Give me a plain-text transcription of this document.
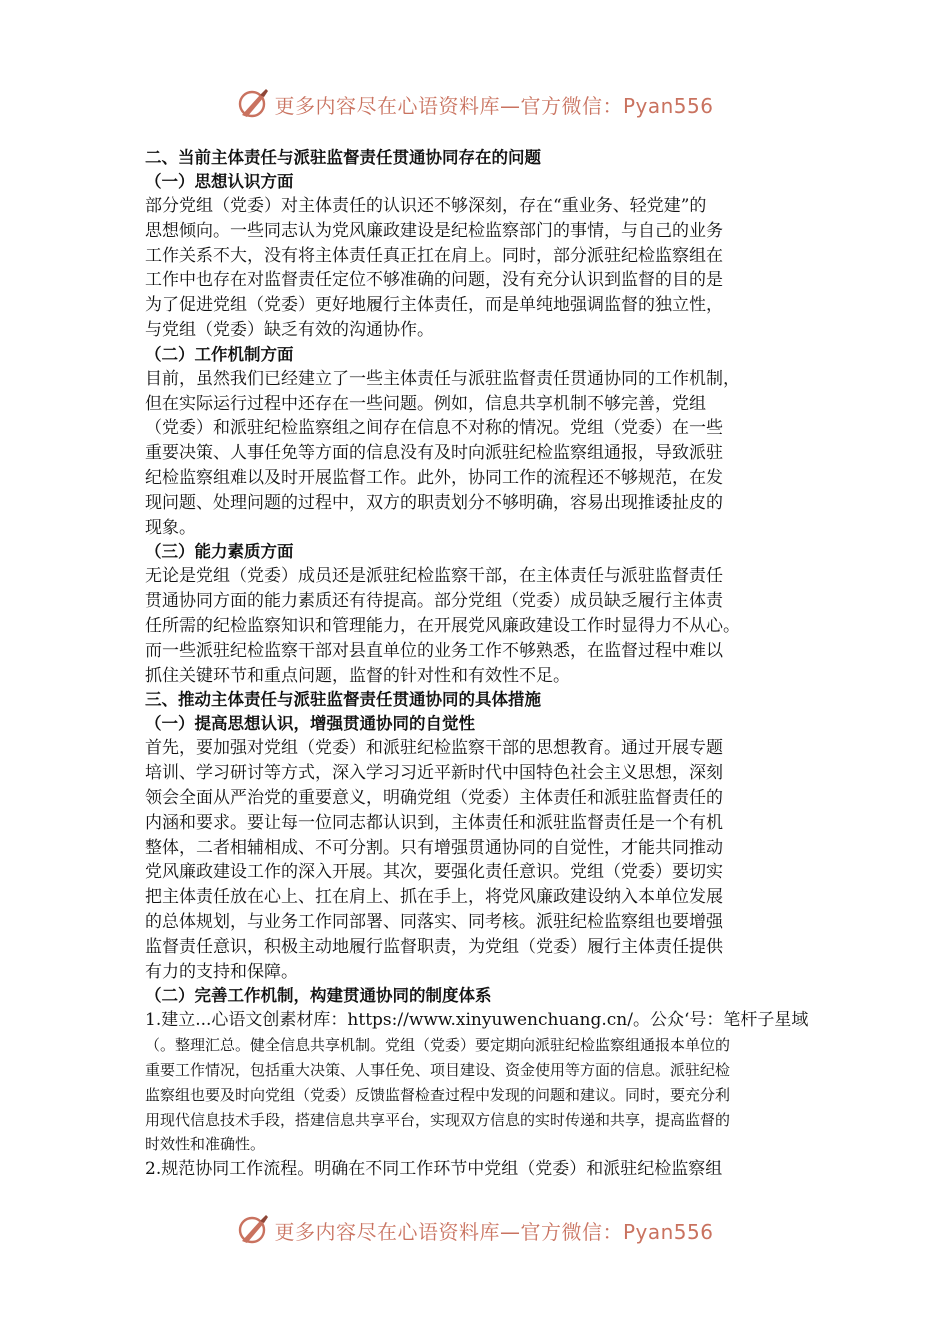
更多内容尽在心语资料库—官方微信：Pyan556
二、当前主体责任与派驻监督责任贯通协同存在的问题
（一）思想认识方面
部分党组（党委）对主体责任的认识还不够深刻，存在“重业务、轻党建”的
思想倾向。一些同志认为党风廉政建设是纪检监察部门的事情，与自己的业务
工作关系不大，没有将主体责任真正扛在肩上。同时，部分派驻纪检监察组在
工作中也存在对监督责任定位不够准确的问题，没有充分认识到监督的目的是
为了促进党组（党委）更好地履行主体责任，而是单纯地强调监督的独立性，
与党组（党委）缺乏有效的沟通协作。
（二）工作机制方面
目前，虽然我们已经建立了一些主体责任与派驻监督责任贯通协同的工作机制，
但在实际运行过程中还存在一些问题。例如，信息共享机制不够完善，党组
（党委）和派驻纪检监察组之间存在信息不对称的情况。党组（党委）在一些
重要决策、人事任免等方面的信息没有及时向派驻纪检监察组通报，导致派驻
纪检监察组难以及时开展监督工作。此外，协同工作的流程还不够规范，在发
现问题、处理问题的过程中，双方的职责划分不够明确，容易出现推诿扯皮的
现象。
（三）能力素质方面
无论是党组（党委）成员还是派驻纪检监察干部，在主体责任与派驻监督责任
贯通协同方面的能力素质还有待提高。部分党组（党委）成员缺乏履行主体责
任所需的纪检监察知识和管理能力，在开展党风廉政建设工作时显得力不从心。
而一些派驻纪检监察干部对县直单位的业务工作不够熟悉，在监督过程中难以
抓住关键环节和重点问题，监督的针对性和有效性不足。
三、推动主体责任与派驻监督责任贯通协同的具体措施
（一）提高思想认识，增强贯通协同的自觉性
首先，要加强对党组（党委）和派驻纪检监察干部的思想教育。通过开展专题
培训、学习研讨等方式，深入学习习近平新时代中国特色社会主义思想，深刻
领会全面从严治党的重要意义，明确党组（党委）主体责任和派驻监督责任的
内涵和要求。要让每一位同志都认识到，主体责任和派驻监督责任是一个有机
整体，二者相辅相成、不可分割。只有增强贯通协同的自觉性，才能共同推动
党风廉政建设工作的深入开展。其次，要强化责任意识。党组（党委）要切实
把主体责任放在心上、扛在肩上、抓在手上，将党风廉政建设纳入本单位发展
的总体规划，与业务工作同部署、同落实、同考核。派驻纪检监察组也要增强
监督责任意识，积极主动地履行监督职责，为党组（党委）履行主体责任提供
有力的支持和保障。
（二）完善工作机制，构建贯通协同的制度体系
1.建立...心语文创素材库：https://www.xinyuwenchuang.cn/。公众‘号：笔杆子星域
（。整理汇总。健全信息共享机制。党组（党委）要定期向派驻纪检监察组通报本单位的
重要工作情况，包括重大决策、人事任免、项目建设、资金使用等方面的信息。派驻纪检
监察组也要及时向党组（党委）反馈监督检查过程中发现的问题和建议。同时，要充分利
用现代信息技术手段，搭建信息共享平台，实现双方信息的实时传递和共享，提高监督的
时效性和准确性。
2.规范协同工作流程。明确在不同工作环节中党组（党委）和派驻纪检监察组
更多内容尽在心语资料库—官方微信：Pyan556
